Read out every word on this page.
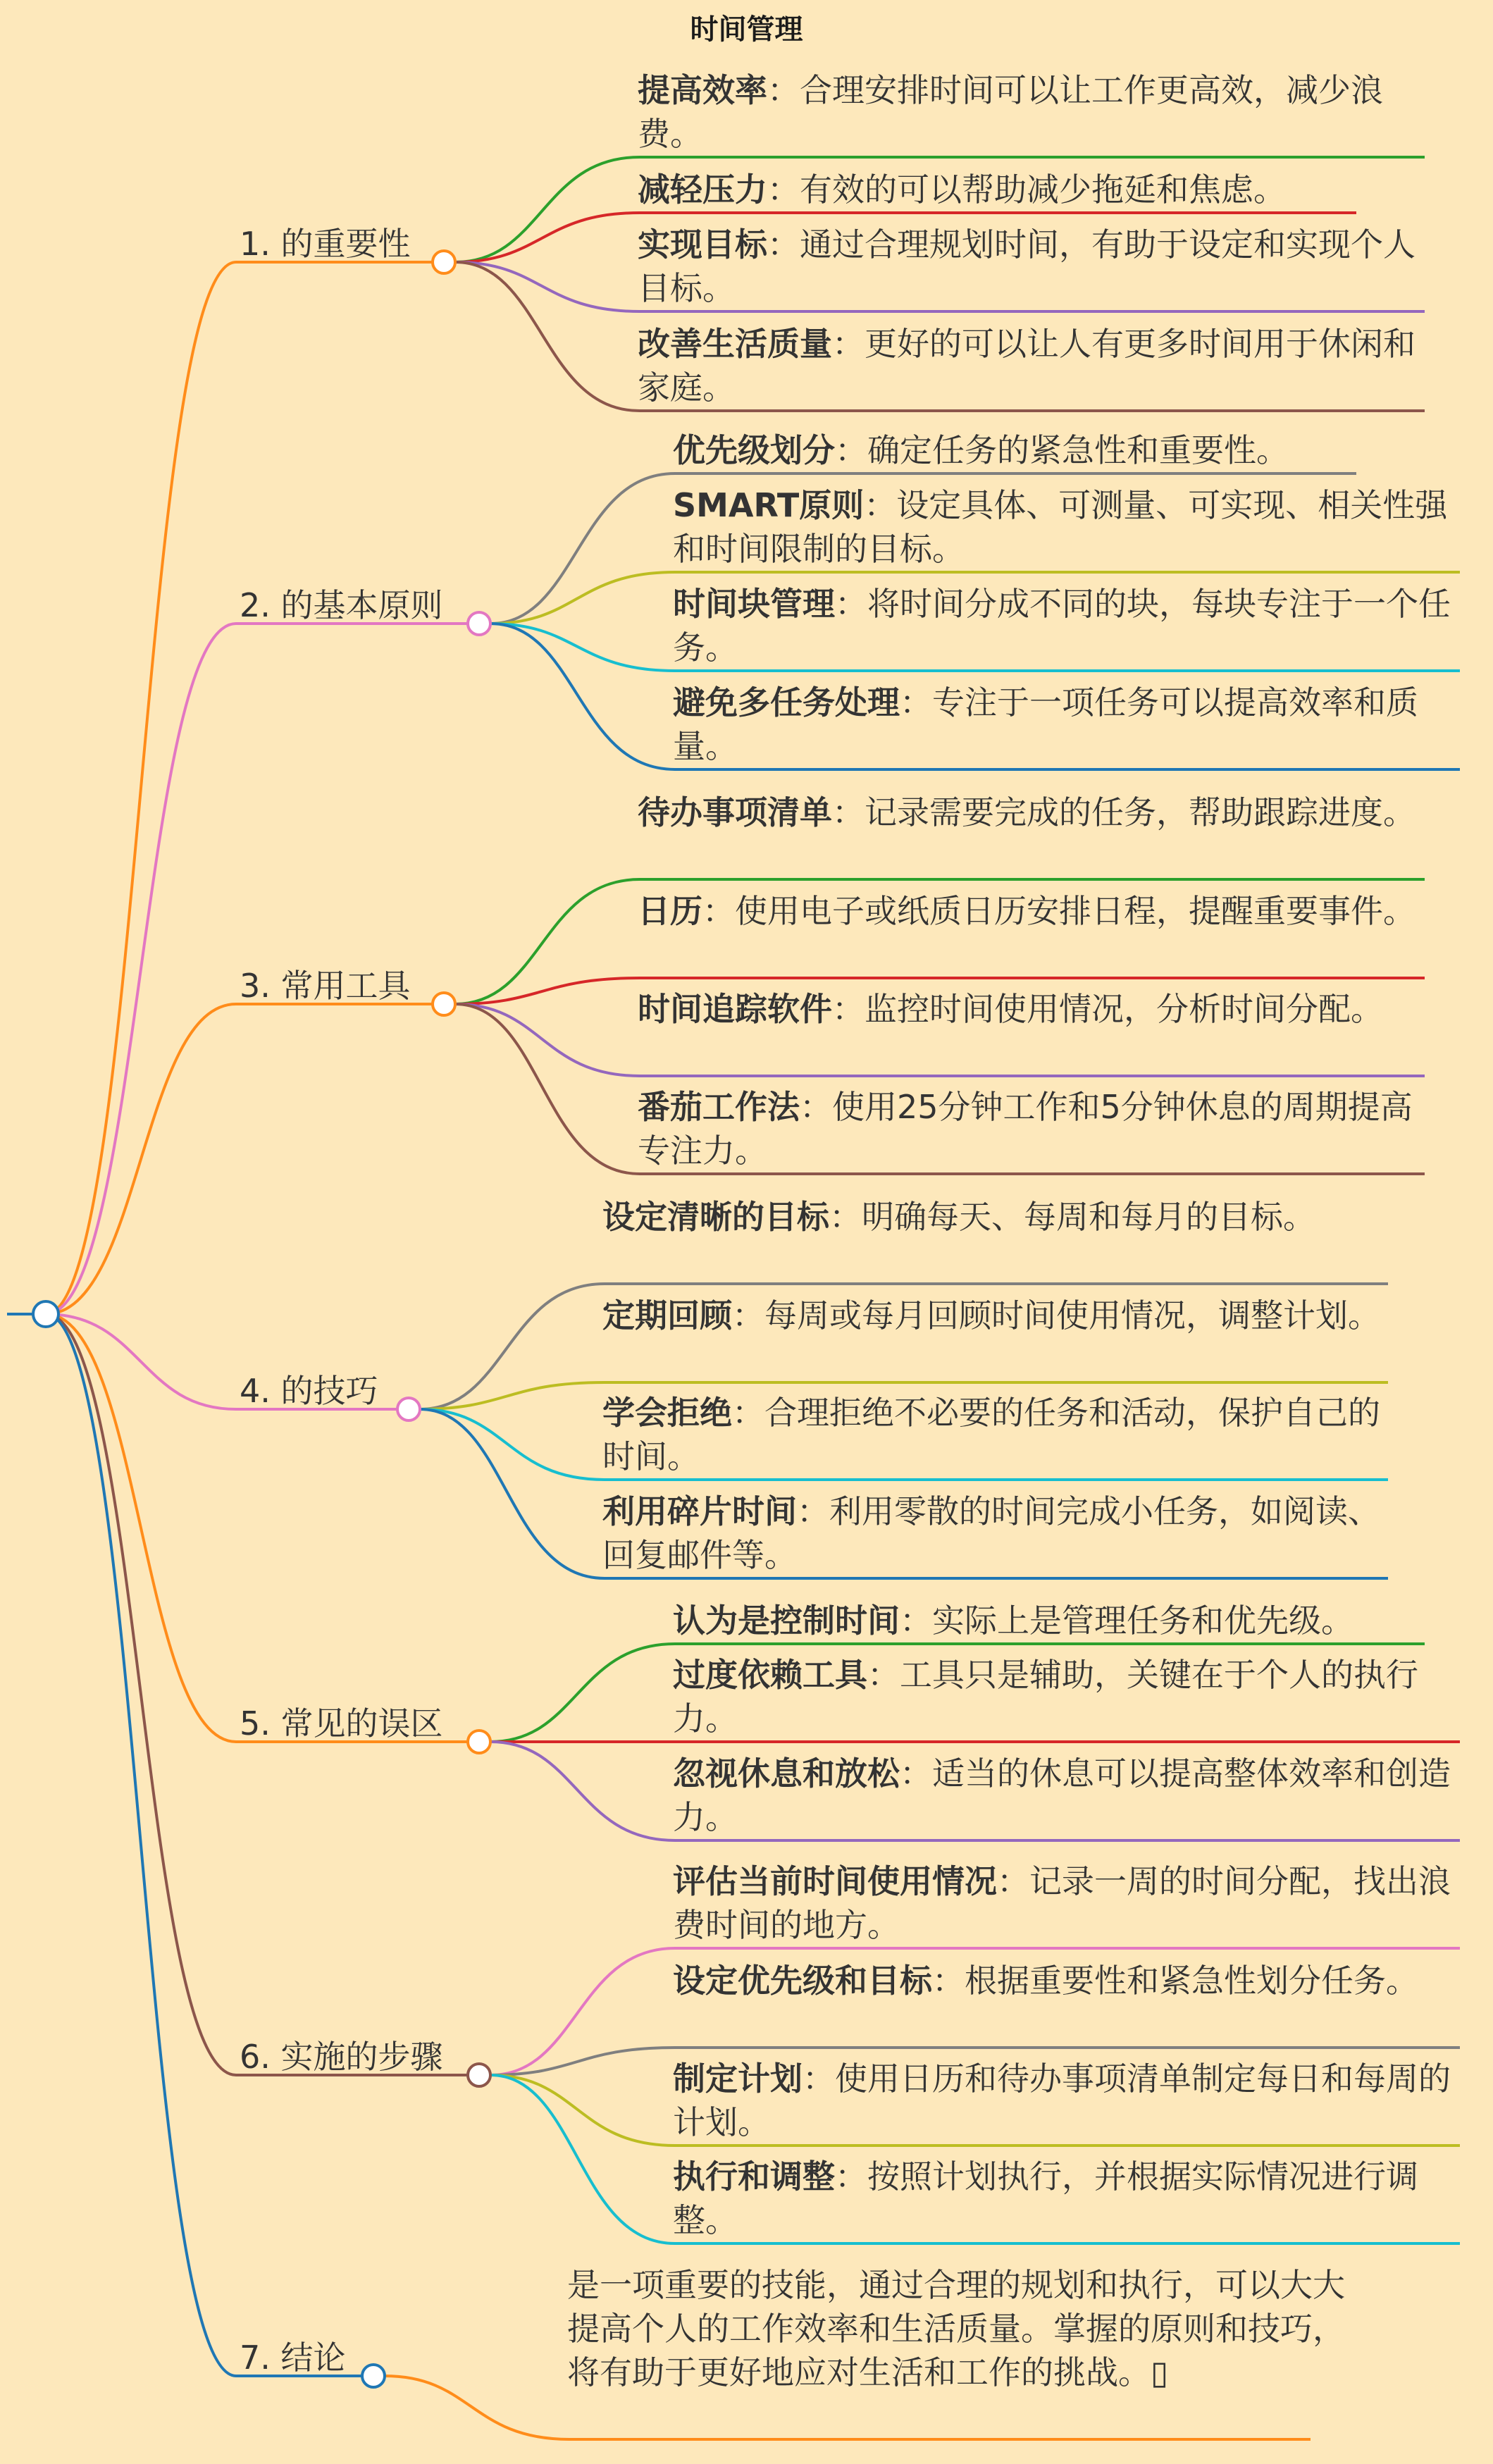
时间管理
提高效率：合理安排时间可以让工作更高效，减少浪费。
减轻压力：有效的可以帮助减少拖延和焦虑。
实现目标：通过合理规划时间，有助于设定和实现个人目标。
改善生活质量：更好的可以让人有更多时间用于休闲和家庭。
1. 的重要性
优先级划分：确定任务的紧急性和重要性。
SMART原则：设定具体、可测量、可实现、相关性强和时间限制的目标。
时间块管理：将时间分成不同的块，每块专注于一个任务。
避免多任务处理：专注于一项任务可以提高效率和质量。
2. 的基本原则
待办事项清单：记录需要完成的任务，帮助跟踪进度。
日历：使用电子或纸质日历安排日程，提醒重要事件。
时间追踪软件：监控时间使用情况，分析时间分配。
番茄工作法：使用25分钟工作和5分钟休息的周期提高专注力。
3. 常用工具
设定清晰的目标：明确每天、每周和每月的目标。
定期回顾：每周或每月回顾时间使用情况，调整计划。
学会拒绝：合理拒绝不必要的任务和活动，保护自己的时间。
利用碎片时间：利用零散的时间完成小任务，如阅读、回复邮件等。
4. 的技巧
认为是控制时间：实际上是管理任务和优先级。
过度依赖工具：工具只是辅助，关键在于个人的执行力。
忽视休息和放松：适当的休息可以提高整体效率和创造力。
5. 常见的误区
评估当前时间使用情况：记录一周的时间分配，找出浪费时间的地方。
设定优先级和目标：根据重要性和紧急性划分任务。
制定计划：使用日历和待办事项清单制定每日和每周的计划。
执行和调整：按照计划执行，并根据实际情况进行调整。
6. 实施的步骤
是一项重要的技能，通过合理的规划和执行，可以大大提高个人的工作效率和生活质量。掌握的原则和技巧，将有助于更好地应对生活和工作的挑战。▯
7. 结论
